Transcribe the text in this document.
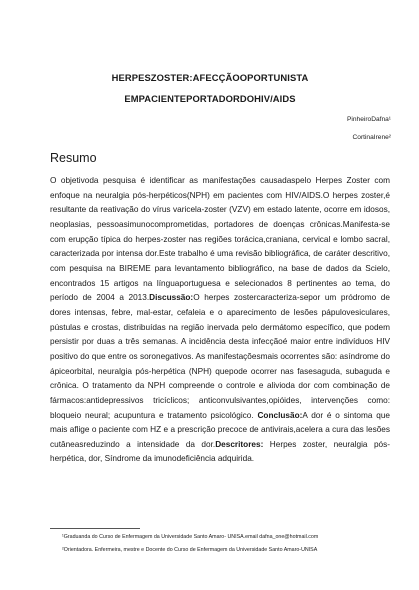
HERPESZOSTER:AFECÇÃOOPORTUNISTA
EMPACIENTEPORTADORDOHIV/AIDS
PinheiroDafna¹
CortinaIrene²
Resumo
O objetivoda pesquisa é identificar as manifestações causadaspelo Herpes Zoster com enfoque na neuralgia pós-herpéticos(NPH) em pacientes com HIV/AIDS.O herpes zoster,é resultante da reativação do vírus varicela-zoster (VZV) em estado latente, ocorre em idosos, neoplasias, pessoasimunocomprometidas, portadores de doenças crônicas.Manifesta-se com erupção típica do herpes-zoster nas regiões torácica,craniana, cervical e lombo sacral, caracterizada por intensa dor.Este trabalho é uma revisão bibliográfica, de caráter descritivo, com pesquisa na BIREME para levantamento bibliográfico, na base de dados da Scielo, encontrados 15 artigos na línguaportuguesa e selecionados 8 pertinentes ao tema, do período de 2004 a 2013.Discussão:O herpes zostercaracteriza-sepor um pródromo de dores intensas, febre, mal-estar, cefaleia e o aparecimento de lesões pápulovesiculares, pústulas e crostas, distribuídas na região inervada pelo dermátomo específico, que podem persistir por duas a três semanas. A incidência desta infecçãoé maior entre indivíduos HIV positivo do que entre os soronegativos. As manifestaçõesmais ocorrentes são: asíndrome do ápiceorbital, neuralgia pós-herpética (NPH) quepode ocorrer nas fasesaguda, subaguda e crônica. O tratamento da NPH compreende o controle e alivioda dor com combinação de fármacos:antidepressivos tricíclicos; anticonvulsivantes,opióides, intervenções como: bloqueio neural; acupuntura e tratamento psicológico. Conclusão:A dor é o sintoma que mais aflige o paciente com HZ e a prescrição precoce de antivirais,acelera a cura das lesões cutâneasreduzindo a intensidade da dor.Descritores: Herpes zoster, neuralgia pós-herpética, dor, Síndrome da imunodeficiência adquirida.
¹Graduanda do Curso de Enfermagem da Universidade Santo Amaro- UNISA.email dafna_one@hotmail.com
²Orientadora. Enfermeira, mestre e Docente do Curso de Enfermagem da Universidade Santo Amaro-UNISA
